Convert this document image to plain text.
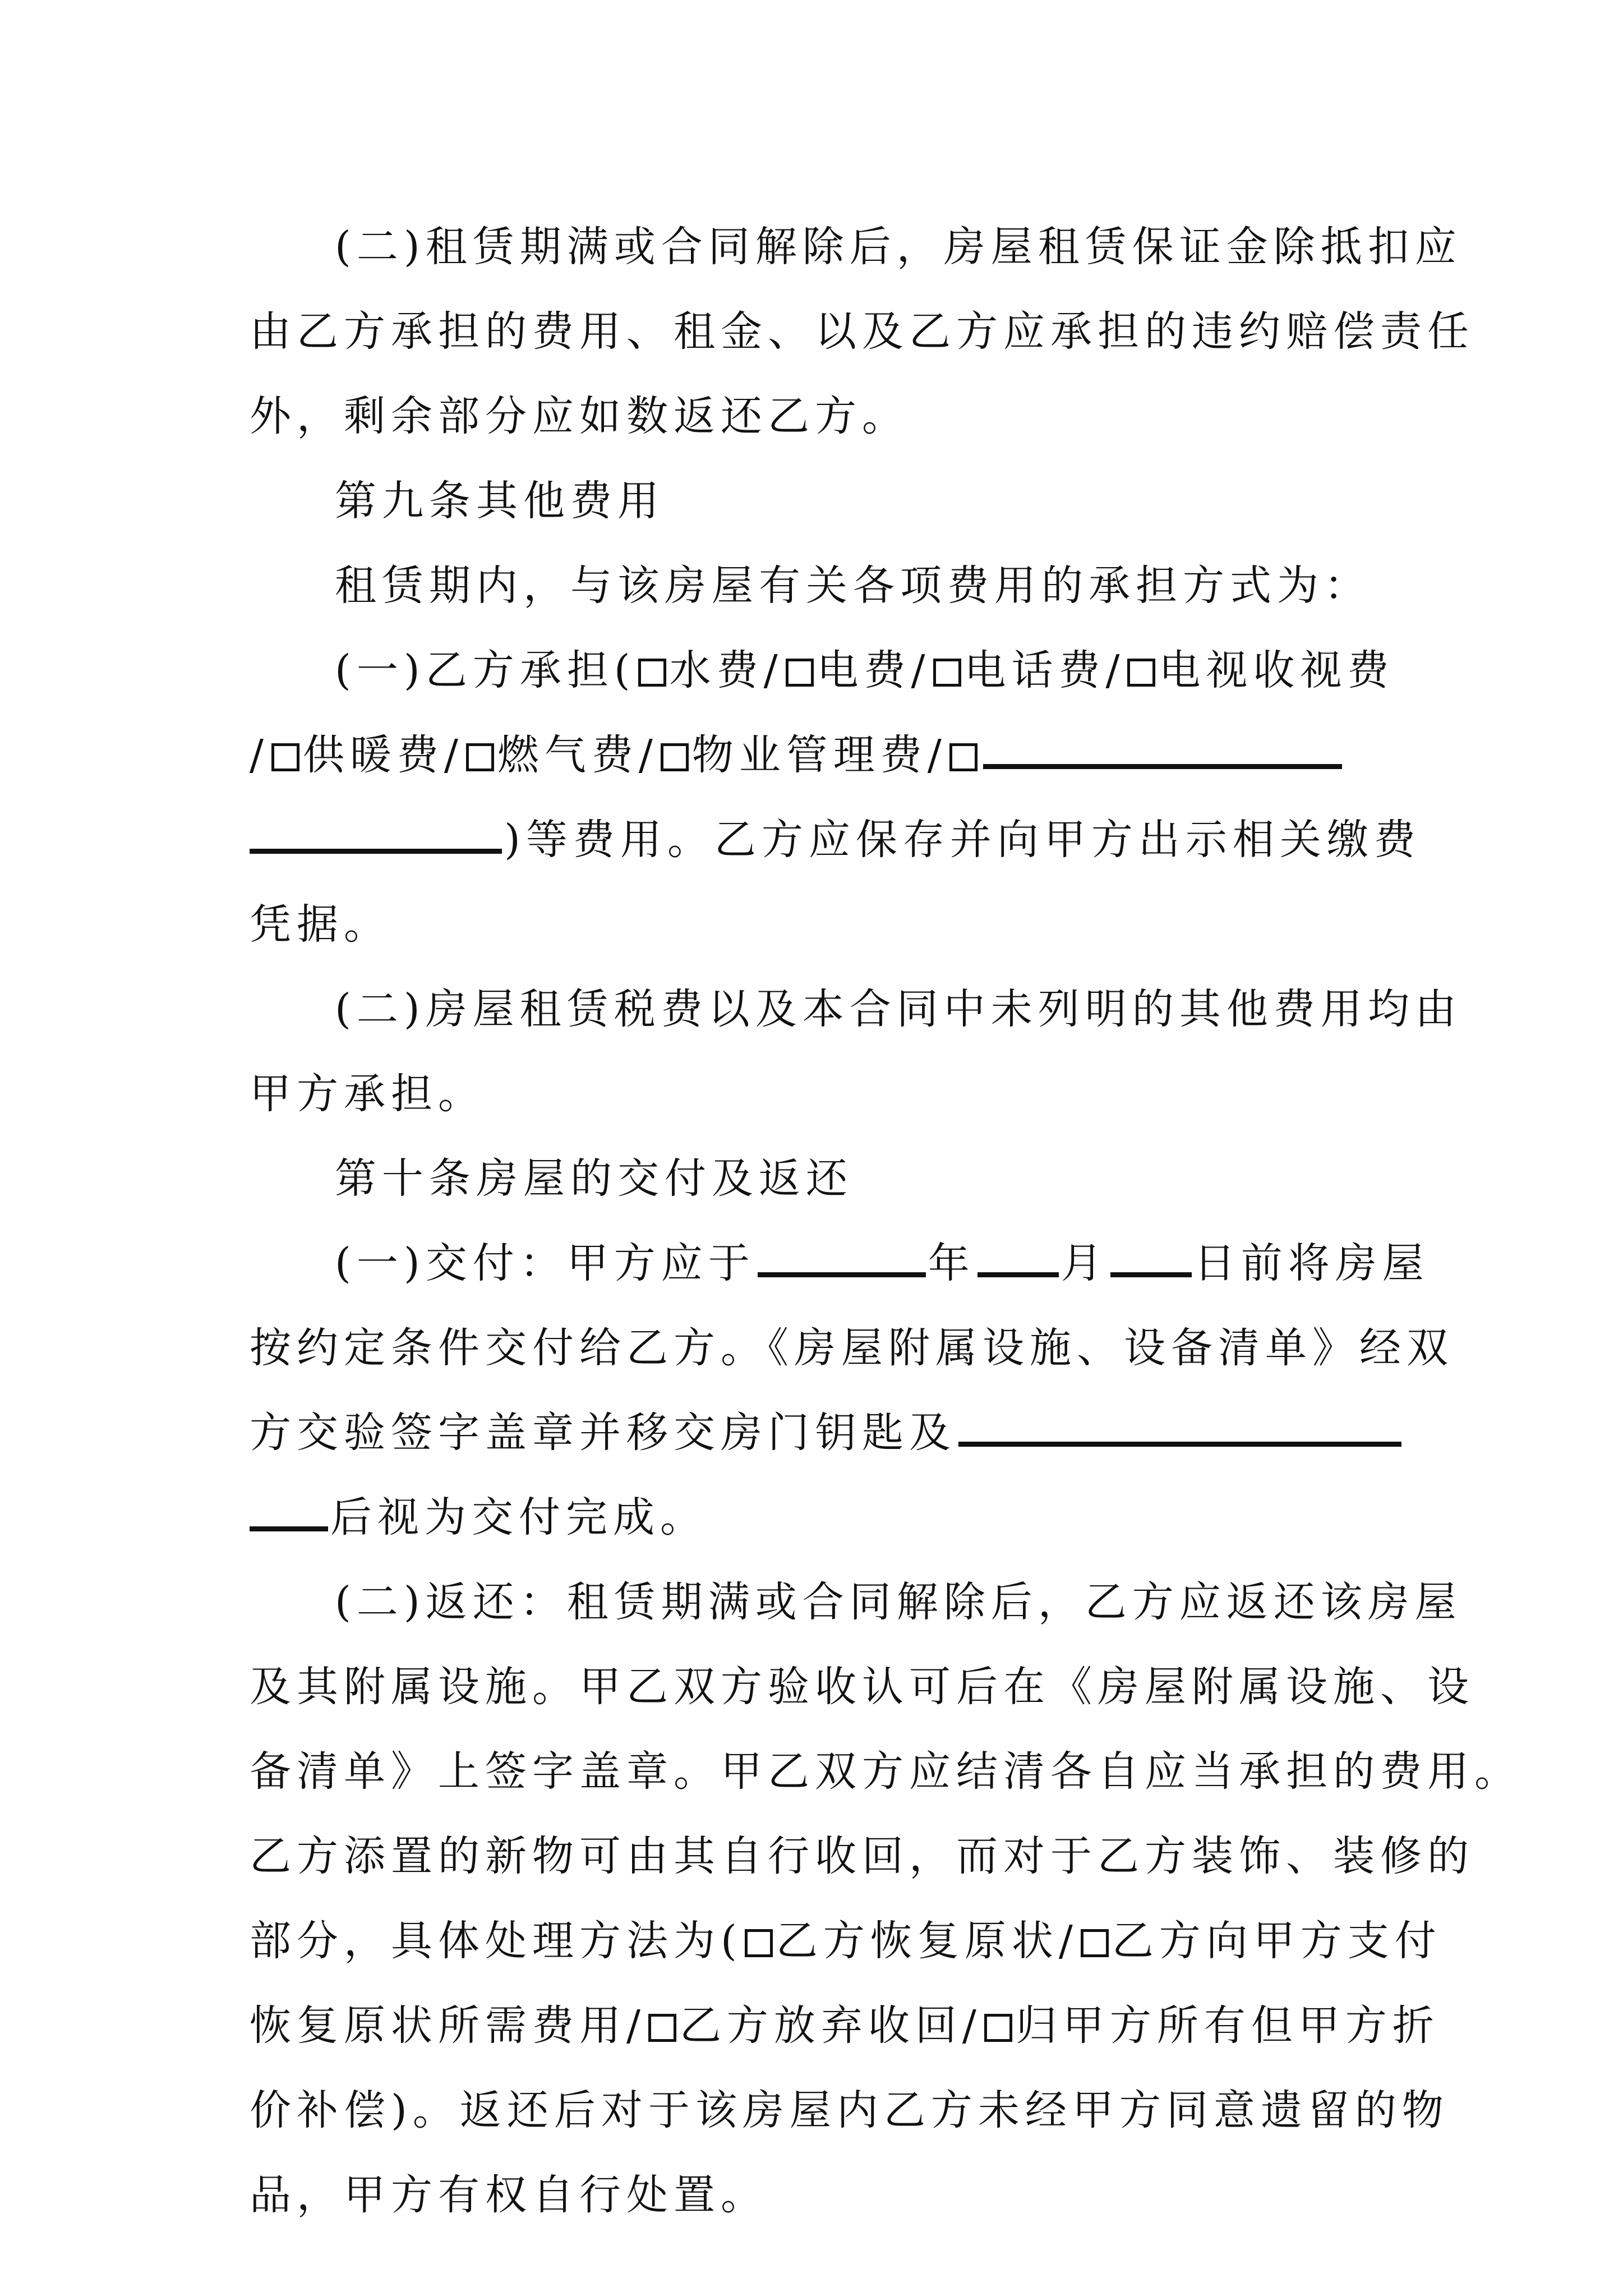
(二)租赁期满或合同解除后，房屋租赁保证金除抵扣应
由乙方承担的费用、租金、以及乙方应承担的违约赔偿责任
外，剩余部分应如数返还乙方。
第九条其他费用
租赁期内，与该房屋有关各项费用的承担方式为：
(一)乙方承担( 水费/ 电费/ 电话费/ 电视收视费
/ 供暖费/ 燃气费/ 物业管理费/
)等费用。乙方应保存并向甲方出示相关缴费
凭据。
(二)房屋租赁税费以及本合同中未列明的其他费用均由
甲方承担。
第十条房屋的交付及返还
(一)交付：甲方应于	年 月 日前将房屋
按约定条件交付给乙方。《房屋附属设施、设备清单》经双
方交验签字盖章并移交房门钥匙及
后视为交付完成。
(二)返还：租赁期满或合同解除后，乙方应返还该房屋
及其附属设施。甲乙双方验收认可后在《房屋附属设施、设
备清单》上签字盖章。甲乙双方应结清各自应当承担的费用。
乙方添置的新物可由其自行收回，而对于乙方装饰、装修的
部分，具体处理方法为( 乙方恢复原状/ 乙方向甲方支付
恢复原状所需费用/ 乙方放弃收回/ 归甲方所有但甲方折
价补偿)。返还后对于该房屋内乙方未经甲方同意遗留的物
品，甲方有权自行处置。
